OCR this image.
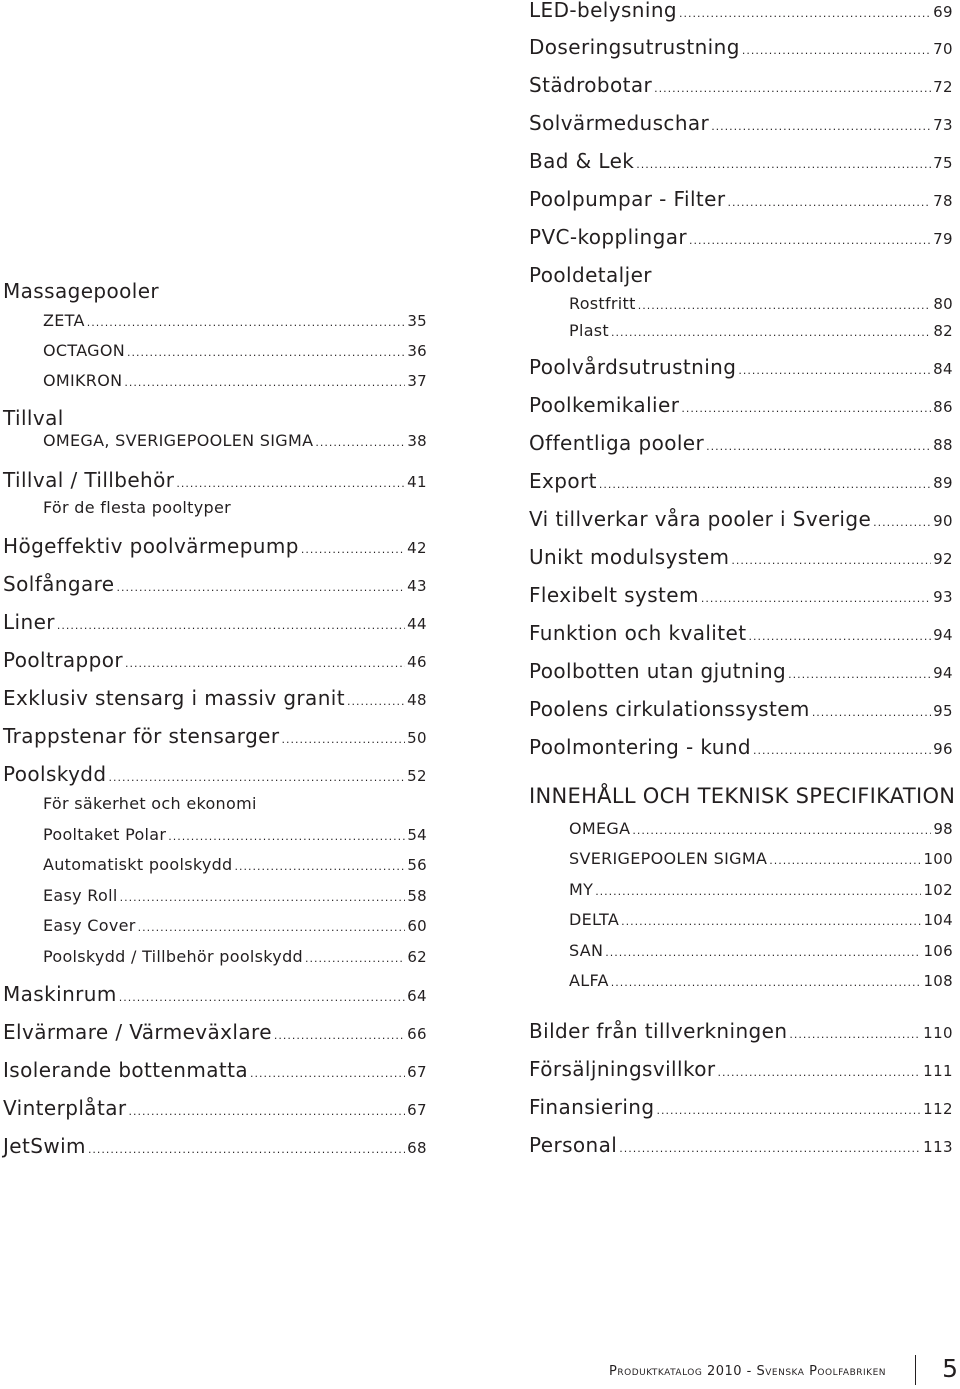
Massagepooler
ZETA .....	35
OCTAGON .....	36
OMIKRON .....	37
Tillval
OMEGA, SVERIGEPOOLEN SIGMA .....	38
Tillval / Tillbehör .....	41
För de flesta pooltyper
Högeffektiv poolvärmepump .....	42
Solfångare .....	43
Liner .....	44
Pooltrappor .....	46
Exklusiv stensarg i massiv granit .....	48
Trappstenar för stensarger .....	50
Poolskydd .....	52
För säkerhet och ekonomi
Pooltaket Polar .....	54
Automatiskt poolskydd .....	56
Easy Roll .....	58
Easy Cover .....	60
Poolskydd / Tillbehör poolskydd .....	62
Maskinrum .....	64
Elvärmare / Värmeväxlare .....	66
Isolerande bottenmatta .....	67
Vinterplåtar .....	67
JetSwim .....	68
LED-belysning .....	69
Doseringsutrustning .....	70
Städrobotar .....	72
Solvärmeduschar .....	73
Bad & Lek .....	75
Poolpumpar - Filter .....	78
PVC-kopplingar .....	79
Pooldetaljer
Rostfritt .....	80
Plast .....	82
Poolvårdsutrustning .....	84
Poolkemikalier .....	86
Offentliga pooler .....	88
Export .....	89
Vi tillverkar våra pooler i Sverige .....	90
Unikt modulsystem .....	92
Flexibelt system .....	93
Funktion och kvalitet .....	94
Poolbotten utan gjutning .....	94
Poolens cirkulationssystem .....	95
Poolmontering - kund .....	96
INNEHÅLL OCH TEKNISK SPECIFIKATION
OMEGA .....	98
SVERIGEPOOLEN SIGMA .....	100
MY .....	102
DELTA .....	104
SAN .....	106
ALFA .....	108
Bilder från tillverkningen .....	110
Försäljningsvillkor .....	111
Finansiering .....	112
Personal .....	113
Produktkatalog 2010 - Svenska Poolfabriken 5
